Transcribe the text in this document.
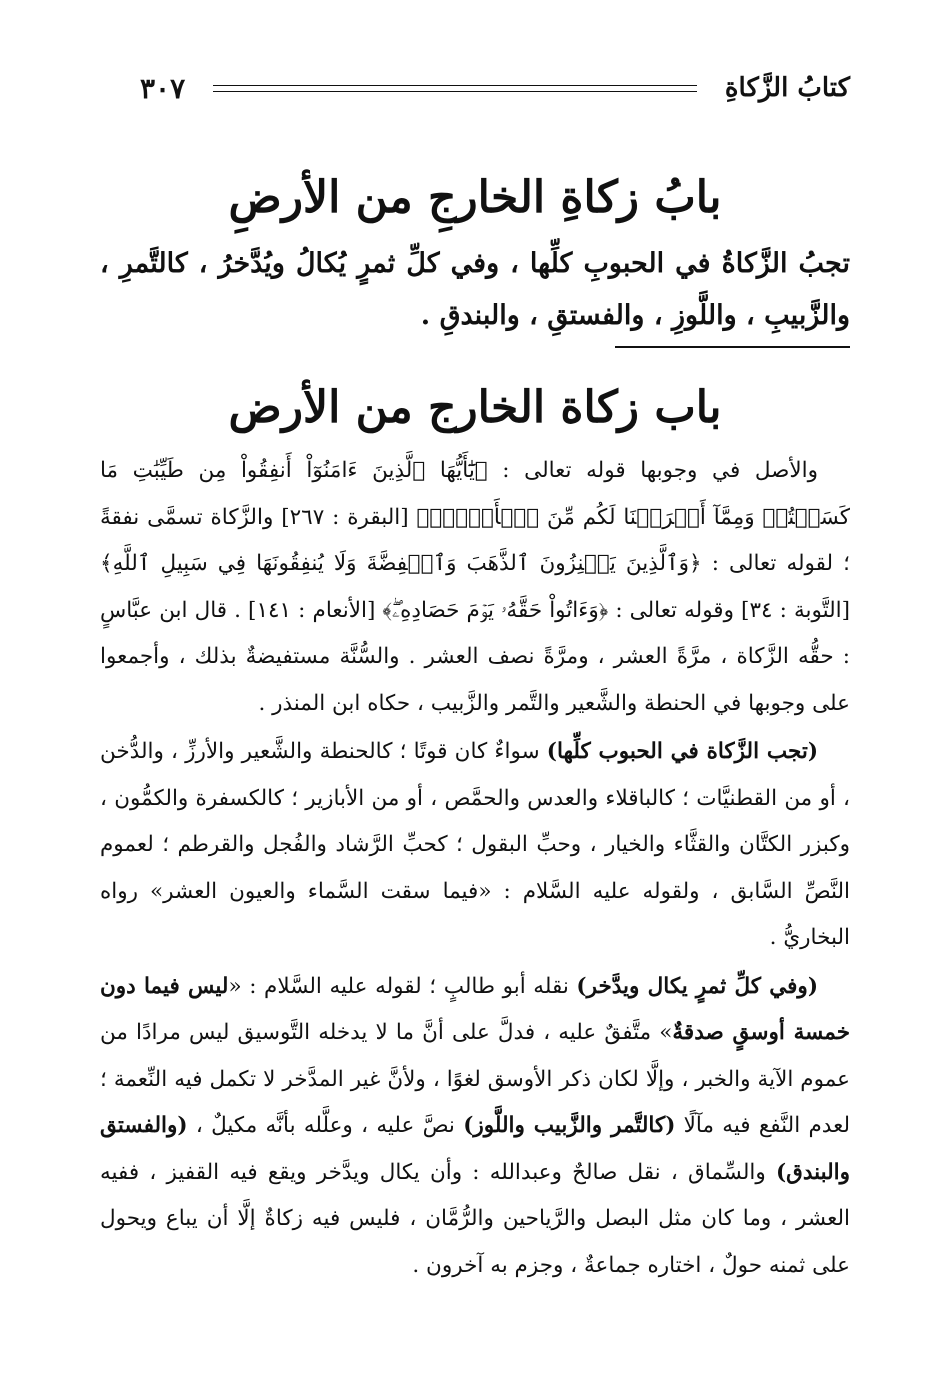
كتابُ الزَّكاةِ
٣٠٧
بابُ زكاةِ الخارجِ من الأرضِ
تجبُ الزَّكاةُ في الحبوبِ كلِّها ، وفي كلِّ ثمرٍ يُكالُ ويُدَّخرُ ، كالتَّمرِ ، والزَّبيبِ ، واللَّوزِ ، والفستقِ ، والبندقِ .
باب زكاة الخارج من الأرض

والأصل في وجوبها قوله تعالى : ﴿يَٰٓأَيُّهَا ٱلَّذِينَ ءَامَنُوٓاْ أَنفِقُواْ مِن طَيِّبَٰتِ مَا كَسَبۡتُمۡ وَمِمَّآ أَخۡرَجۡنَا لَكُم مِّنَ ٱلۡأَرۡضِۖ﴾ [البقرة : ٢٦٧] والزَّكاة تسمَّى نفقةً ؛ لقوله تعالى : ﴿وَٱلَّذِينَ يَكۡنِزُونَ ٱلذَّهَبَ وَٱلۡفِضَّةَ وَلَا يُنفِقُونَهَا فِي سَبِيلِ ٱللَّهِ﴾ [التَّوبة : ٣٤] وقوله تعالى : ﴿وَءَاتُواْ حَقَّهُۥ يَوۡمَ حَصَادِهِۦۖ﴾ [الأنعام : ١٤١] . قال ابن عبَّاسٍ : حقُّه الزَّكاة ، مرَّةً العشر ، ومرَّةً نصف العشر . والسُّنَّة مستفيضةٌ بذلك ، وأجمعوا على وجوبها في الحنطة والشَّعير والتَّمر والزَّبيب ، حكاه ابن المنذر .

(تجب الزَّكاة في الحبوب كلِّها) سواءٌ كان قوتًا ؛ كالحنطة والشَّعير والأرزِّ ، والدُّخن ، أو من القطنيَّات ؛ كالباقلاء والعدس والحمَّص ، أو من الأبازير ؛ كالكسفرة والكمُّون ، وكبزر الكتَّان والقثَّاء والخيار ، وحبِّ البقول ؛ كحبِّ الرَّشاد والفُجل والقرطم ؛ لعموم النَّصِّ السَّابق ، ولقوله عليه السَّلام : «فيما سقت السَّماء والعيون العشر» رواه البخاريُّ .

(وفي كلِّ ثمرٍ يكال ويدَّخر) نقله أبو طالبٍ ؛ لقوله عليه السَّلام : «ليس فيما دون خمسة أوسقٍ صدقةٌ» متَّفقٌ عليه ، فدلَّ على أنَّ ما لا يدخله التَّوسيق ليس مرادًا من عموم الآية والخبر ، وإلَّا لكان ذكر الأوسق لغوًا ، ولأنَّ غير المدَّخر لا تكمل فيه النِّعمة ؛ لعدم النَّفع فيه مآلًا (كالتَّمر والزَّبيب واللَّوز) نصَّ عليه ، وعلَّله بأنَّه مكيلٌ ، (والفستق والبندق) والسِّماق ، نقل صالحٌ وعبدالله : وأن يكال ويدَّخر ويقع فيه القفيز ، ففيه العشر ، وما كان مثل البصل والرَّياحين والرُّمَّان ، فليس فيه زكاةٌ إلَّا أن يباع ويحول على ثمنه حولٌ ، اختاره جماعةٌ ، وجزم به آخرون .
